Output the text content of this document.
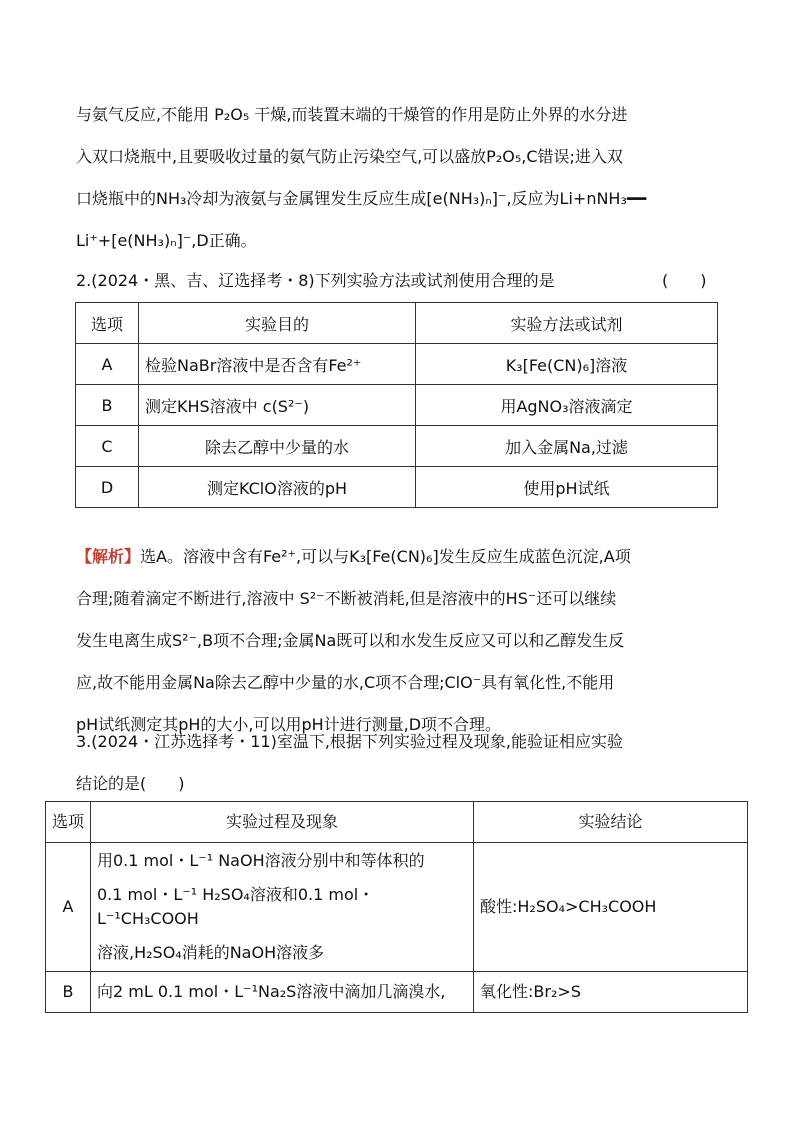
与氨气反应,不能用 P₂O₅ 干燥,而装置末端的干燥管的作用是防止外界的水分进
入双口烧瓶中,且要吸收过量的氨气防止污染空气,可以盛放P₂O₅,C错误;进入双
口烧瓶中的NH₃冷却为液氨与金属锂发生反应生成[e(NH₃)ₙ]⁻,反应为Li+nNH₃━━
Li⁺+[e(NH₃)ₙ]⁻,D正确。
2.(2024・黑、吉、辽选择考・8)下列实验方法或试剂使用合理的是	(　　)
选项	实验目的	实验方法或试剂
A	检验NaBr溶液中是否含有Fe²⁺	K₃[Fe(CN)₆]溶液
B	测定KHS溶液中 c(S²⁻)	用AgNO₃溶液滴定
C	除去乙醇中少量的水	加入金属Na,过滤
D	测定KClO溶液的pH	使用pH试纸
【解析】选A。溶液中含有Fe²⁺,可以与K₃[Fe(CN)₆]发生反应生成蓝色沉淀,A项
合理;随着滴定不断进行,溶液中 S²⁻不断被消耗,但是溶液中的HS⁻还可以继续
发生电离生成S²⁻,B项不合理;金属Na既可以和水发生反应又可以和乙醇发生反
应,故不能用金属Na除去乙醇中少量的水,C项不合理;ClO⁻具有氧化性,不能用
pH试纸测定其pH的大小,可以用pH计进行测量,D项不合理。
3.(2024・江苏选择考・11)室温下,根据下列实验过程及现象,能验证相应实验
结论的是(　　)
选项	实验过程及现象	实验结论
A	用0.1 mol・L⁻¹ NaOH溶液分别中和等体积的
0.1 mol・L⁻¹ H₂SO₄溶液和0.1 mol・L⁻¹CH₃COOH
溶液,H₂SO₄消耗的NaOH溶液多	酸性:H₂SO₄>CH₃COOH
B	向2 mL 0.1 mol・L⁻¹Na₂S溶液中滴加几滴溴水,	氧化性:Br₂>S
